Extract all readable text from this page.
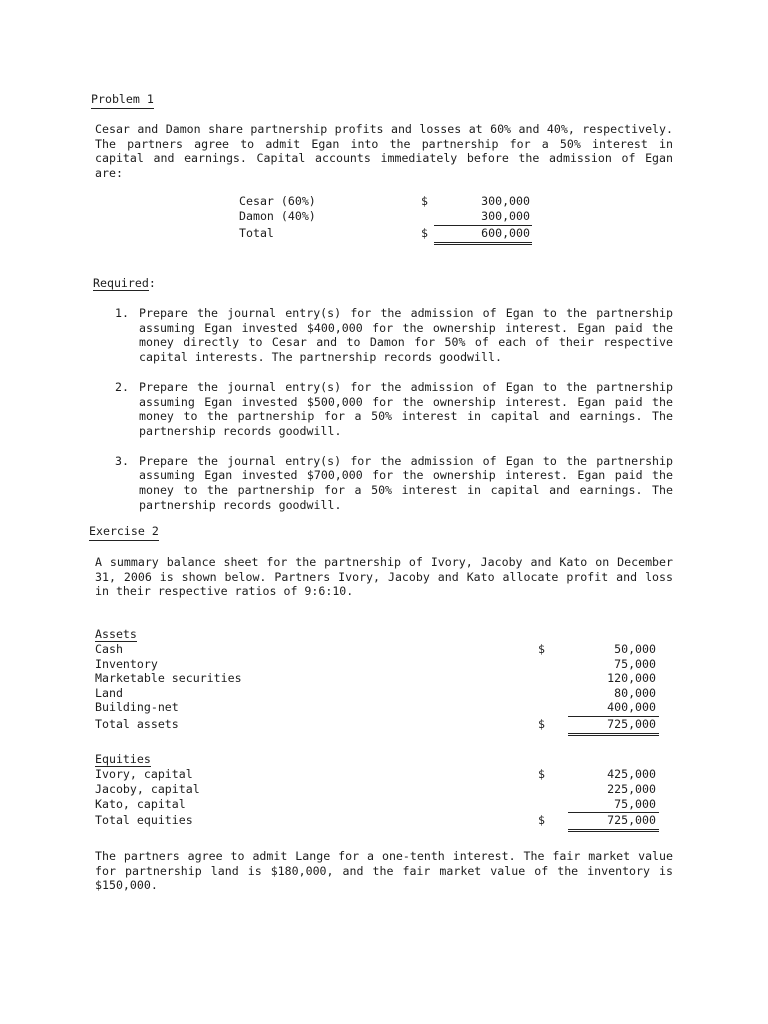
Problem 1

Cesar and Damon share partnership profits and losses at 60% and 40%, respectively. The partners agree to admit Egan into the partnership for a 50% interest in capital and earnings. Capital accounts immediately before the admission of Egan are:

Cesar (60%)	$	300,000
Damon (40%)	300,000
Total	$	600,000
Required:
1. Prepare the journal entry(s) for the admission of Egan to the partnership assuming Egan invested $400,000 for the ownership interest. Egan paid the money directly to Cesar and to Damon for 50% of each of their respective capital interests. The partnership records goodwill.

2. Prepare the journal entry(s) for the admission of Egan to the partnership assuming Egan invested $500,000 for the ownership interest. Egan paid the money to the partnership for a 50% interest in capital and earnings. The partnership records goodwill.

3. Prepare the journal entry(s) for the admission of Egan to the partnership assuming Egan invested $700,000 for the ownership interest. Egan paid the money to the partnership for a 50% interest in capital and earnings. The partnership records goodwill.

Exercise 2

A summary balance sheet for the partnership of Ivory, Jacoby and Kato on December 31, 2006 is shown below. Partners Ivory, Jacoby and Kato allocate profit and loss in their respective ratios of 9:6:10.

Assets
Cash	$	50,000
Inventory	75,000
Marketable securities	120,000
Land	80,000
Building-net	400,000
Total assets	$	725,000
Equities
Ivory, capital	$	425,000
Jacoby, capital	225,000
Kato, capital	75,000
Total equities	$	725,000

The partners agree to admit Lange for a one-tenth interest. The fair market value for partnership land is $180,000, and the fair market value of the inventory is $150,000.
